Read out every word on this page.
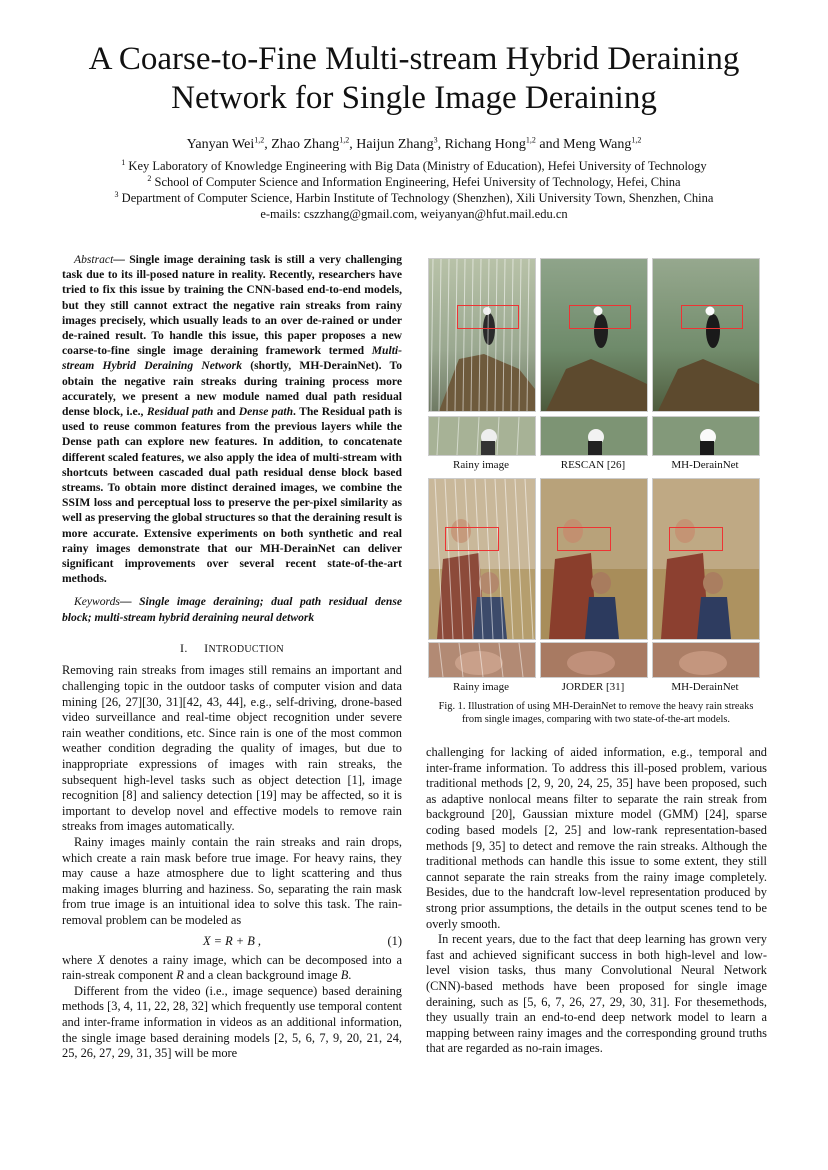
A Coarse-to-Fine Multi-stream Hybrid Deraining
Network for Single Image Deraining
Yanyan Wei$^{1,2}$, Zhao Zhang$^{1,2}$, Haijun Zhang$^3$, Richang Hong$^{1,2}$ and Meng Wang$^{1,2}$
$^1$ Key Laboratory of Knowledge Engineering with Big Data (Ministry of Education), Hefei University of Technology
$^2$ School of Computer Science and Information Engineering, Hefei University of Technology, Hefei, China
$^3$ Department of Computer Science, Harbin Institute of Technology (Shenzhen), Xili University Town, Shenzhen, China
e-mails: cszzhang@gmail.com, weiyanyan@hfut.mail.edu.cn

Abstract— Single image deraining task is still a very challenging task due to its ill-posed nature in reality. Recently, researchers have tried to fix this issue by training the CNN-based end-to-end models, but they still cannot extract the negative rain streaks from rainy images precisely, which usually leads to an over de-rained or under de-rained result. To handle this issue, this paper proposes a new coarse-to-fine single image deraining framework termed Multi-stream Hybrid Deraining Network (shortly, MH-DerainNet). To obtain the negative rain streaks during training process more accurately, we present a new module named dual path residual dense block, i.e., Residual path and Dense path. The Residual path is used to reuse common features from the previous layers while the Dense path can explore new features. In addition, to concatenate different scaled features, we also apply the idea of multi-stream with shortcuts between cascaded dual path residual dense block based streams. To obtain more distinct derained images, we combine the SSIM loss and perceptual loss to preserve the per-pixel similarity as well as preserving the global structures so that the deraining result is more accurate. Extensive experiments on both synthetic and real rainy images demonstrate that our MH-DerainNet can deliver significant improvements over several recent state-of-the-art methods.

Keywords— Single image deraining; dual path residual dense block; multi-stream hybrid deraining neural detwork

I. INTRODUCTION

Removing rain streaks from images still remains an important and challenging topic in the outdoor tasks of computer vision and data mining [26, 27][30, 31][42, 43, 44], e.g., self-driving, drone-based video surveillance and real-time object recognition under severe rain weather conditions, etc. Since rain is one of the most common weather condition degrading the quality of images, but due to inappropriate expressions of images with rain streaks, the subsequent high-level tasks such as object detection [1], image recognition [8] and saliency detection [19] may be affected, so it is important to develop novel and effective models to remove rain streaks from images automatically.

Rainy images mainly contain the rain streaks and rain drops, which create a rain mask before true image. For heavy rains, they may cause a haze atmosphere due to light scattering and thus making images blurring and haziness. So, separating the rain mask from true image is an intuitional idea to solve this task. The rain-removal problem can be modeled as

X = R + B ,	(1)

where X denotes a rainy image, which can be decomposed into a rain-streak component R and a clean background image B.

Different from the video (i.e., image sequence) based deraining methods [3, 4, 11, 22, 28, 32] which frequently use temporal content and inter-frame information in videos as an additional information, the single image based deraining models [2, 5, 6, 7, 9, 20, 21, 24, 25, 26, 27, 29, 31, 35] will be more

Rainy image	RESCAN [26]	MH-DerainNet
Rainy image	JORDER [31]	MH-DerainNet
Fig. 1. Illustration of using MH-DerainNet to remove the heavy rain streaks
from single images, comparing with two state-of-the-art models.

challenging for lacking of aided information, e.g., temporal and inter-frame information. To address this ill-posed problem, various traditional methods [2, 9, 20, 24, 25, 35] have been proposed, such as adaptive nonlocal means filter to separate the rain streak from background [20], Gaussian mixture model (GMM) [24], sparse coding based models [2, 25] and low-rank representation-based methods [9, 35] to detect and remove the rain streaks. Although the traditional methods can handle this issue to some extent, they still cannot separate the rain streaks from the rainy image completely. Besides, due to the handcraft low-level representation produced by strong prior assumptions, the details in the output scenes tend to be overly smooth.

In recent years, due to the fact that deep learning has grown very fast and achieved significant success in both high-level and low-level vision tasks, thus many Convolutional Neural Network (CNN)-based methods have been proposed for single image deraining, such as [5, 6, 7, 26, 27, 29, 30, 31]. For thesemethods, they usually train an end-to-end deep network model to learn a mapping between rainy images and the corresponding ground truths that are regarded as no-rain images.
